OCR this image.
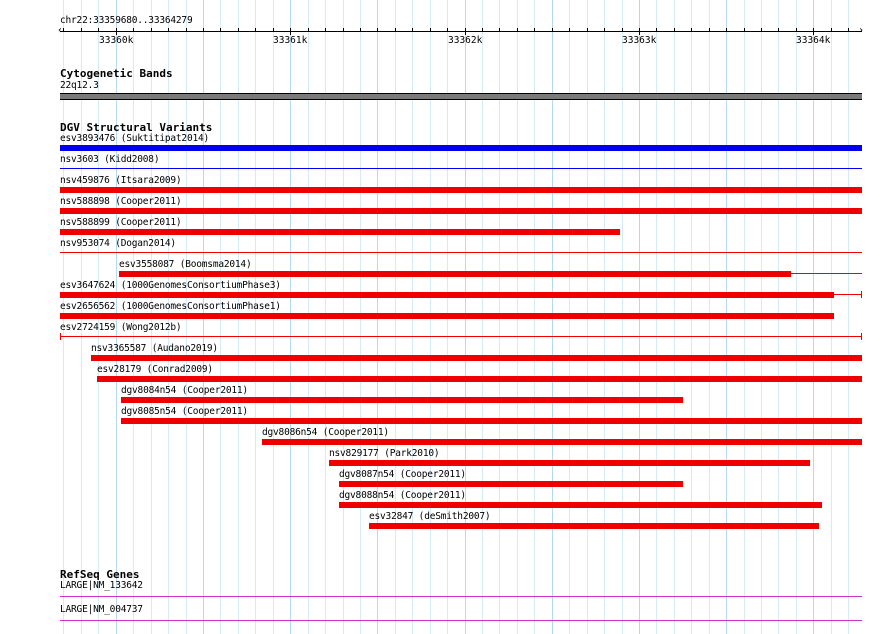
chr22:33359680..33364279
‹	›
33360k	33361k	33362k	33363k	33364k
Cytogenetic Bands
22q12.3
DGV Structural Variants
esv3893476 (Suktitipat2014)
nsv3603 (Kidd2008)
nsv459876 (Itsara2009)
nsv588898 (Cooper2011)
nsv588899 (Cooper2011)
nsv953074 (Dogan2014)
esv3558087 (Boomsma2014)
esv3647624 (1000GenomesConsortiumPhase3)
esv2656562 (1000GenomesConsortiumPhase1)
esv2724159 (Wong2012b)
nsv3365587 (Audano2019)
esv28179 (Conrad2009)
dgv8084n54 (Cooper2011)
dgv8085n54 (Cooper2011)
dgv8086n54 (Cooper2011)
nsv829177 (Park2010)
dgv8087n54 (Cooper2011)
dgv8088n54 (Cooper2011)
esv32847 (deSmith2007)
RefSeq Genes
LARGE|NM_133642
LARGE|NM_004737
